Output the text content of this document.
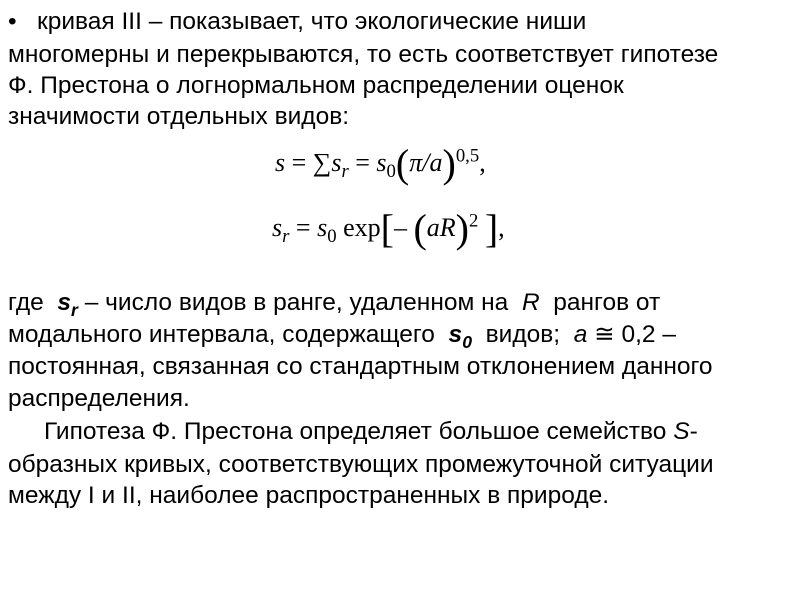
• кривая III – показывает, что экологические ниши
многомерны и перекрываются, то есть соответствует гипотезе
Ф. Престона о логнормальном распределении оценок
значимости отдельных видов:
$s = \sum s_r = s_0(\pi/a)^{0,5}$,
$s_r = s_0$ exp[– (aR)$^2$ ],
где $s_r$ – число видов в ранге, удаленном на R рангов от
модального интервала, содержащего $s_0$ видов; a ≅ 0,2 –
постоянная, связанная со стандартным отклонением данного
распределения.
Гипотеза Ф. Престона определяет большое семейство S-
образных кривых, соответствующих промежуточной ситуации
между I и II, наиболее распространенных в природе.
